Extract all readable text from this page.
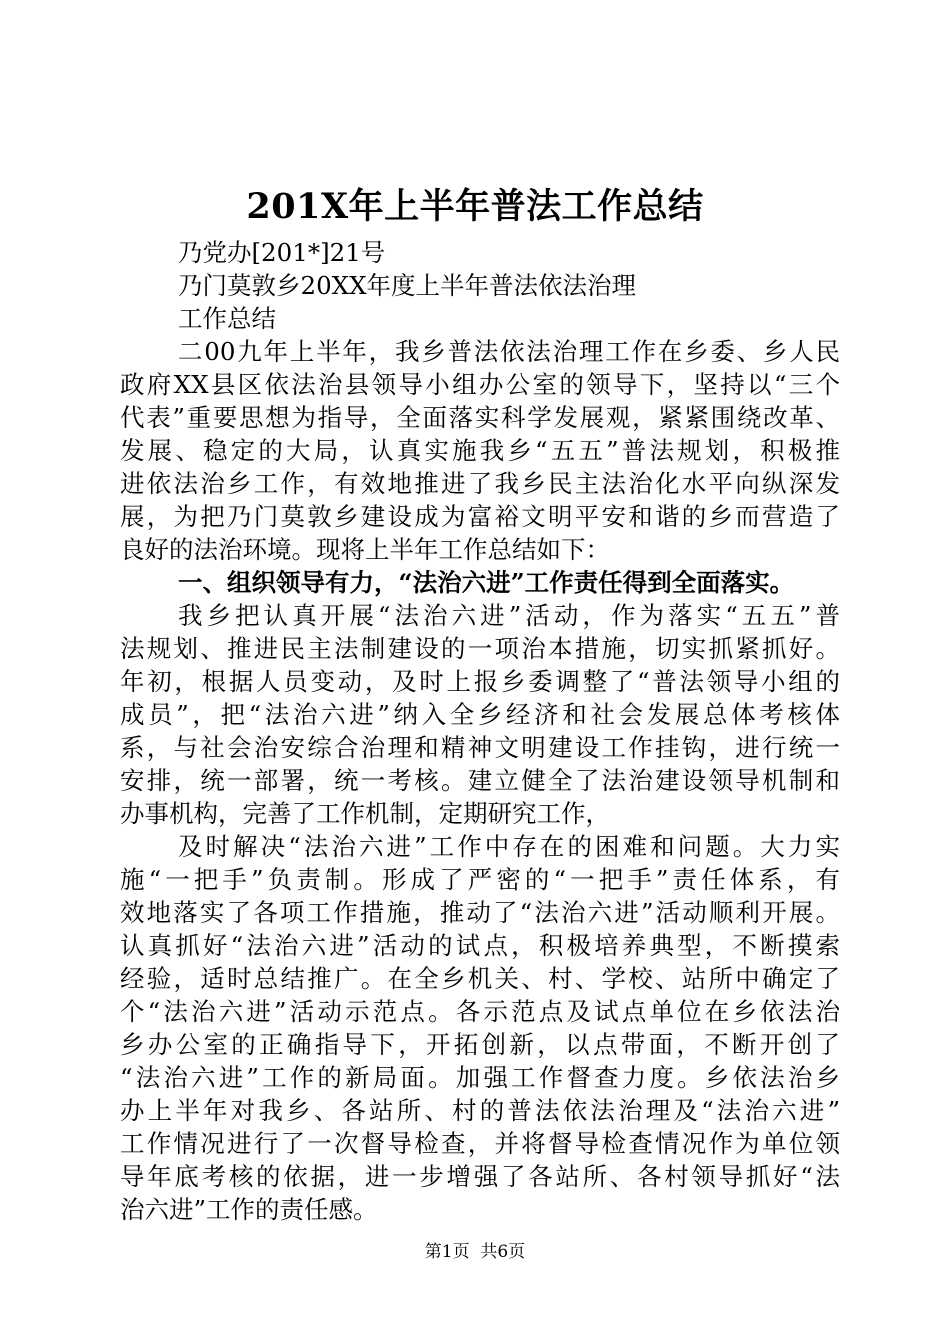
201X年上半年普法工作总结
乃党办[201*]21号
乃门莫敦乡20XX年度上半年普法依法治理
工作总结
二00九年上半年，我乡普法依法治理工作在乡委、乡人民
政府XX县区依法治县领导小组办公室的领导下，坚持以“三个
代表”重要思想为指导，全面落实科学发展观，紧紧围绕改革、
发展、稳定的大局，认真实施我乡“五五”普法规划，积极推
进依法治乡工作，有效地推进了我乡民主法治化水平向纵深发
展，为把乃门莫敦乡建设成为富裕文明平安和谐的乡而营造了
良好的法治环境。现将上半年工作总结如下：
一、组织领导有力，“法治六进”工作责任得到全面落实。
我乡把认真开展“法治六进”活动，作为落实“五五”普
法规划、推进民主法制建设的一项治本措施，切实抓紧抓好。
年初，根据人员变动，及时上报乡委调整了“普法领导小组的
成员”，把“法治六进”纳入全乡经济和社会发展总体考核体
系，与社会治安综合治理和精神文明建设工作挂钩，进行统一
安排，统一部署，统一考核。建立健全了法治建设领导机制和
办事机构，完善了工作机制，定期研究工作，
及时解决“法治六进”工作中存在的困难和问题。大力实
施“一把手”负责制。形成了严密的“一把手”责任体系，有
效地落实了各项工作措施，推动了“法治六进”活动顺利开展。
认真抓好“法治六进”活动的试点，积极培养典型，不断摸索
经验，适时总结推广。在全乡机关、村、学校、站所中确定了
个“法治六进”活动示范点。各示范点及试点单位在乡依法治
乡办公室的正确指导下，开拓创新，以点带面，不断开创了
“法治六进”工作的新局面。加强工作督查力度。乡依法治乡
办上半年对我乡、各站所、村的普法依法治理及“法治六进”
工作情况进行了一次督导检查，并将督导检查情况作为单位领
导年底考核的依据，进一步增强了各站所、各村领导抓好“法
治六进”工作的责任感。
第1页  共6页
